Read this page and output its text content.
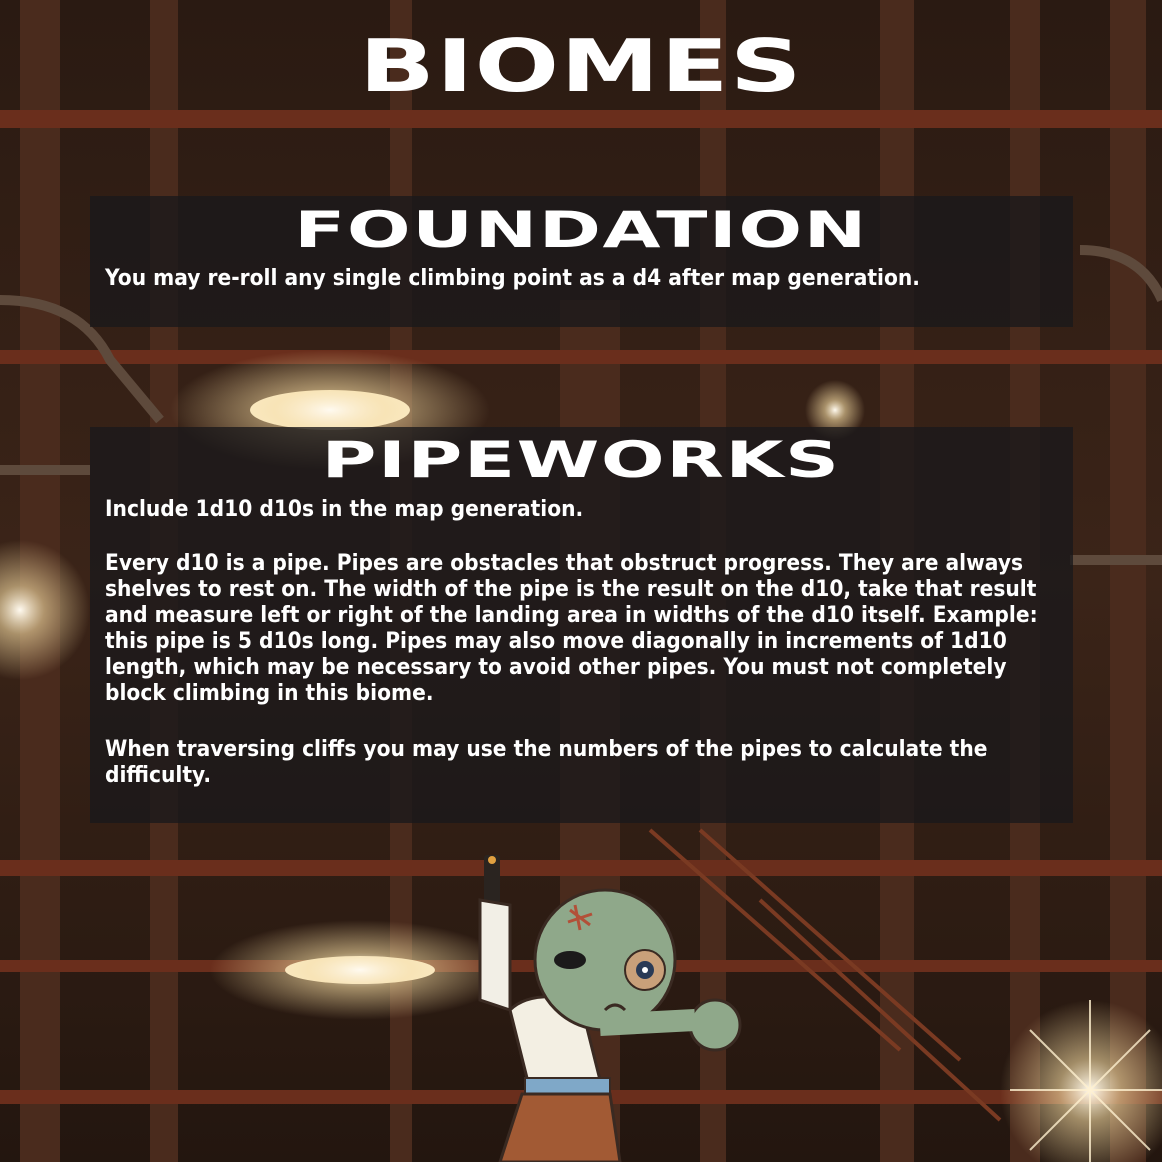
BIOMES
FOUNDATION

You may re-roll any single climbing point as a d4 after map generation.

PIPEWORKS

Include 1d10 d10s in the map generation.

Every d10 is a pipe. Pipes are obstacles that obstruct progress. They are always shelves to rest on. The width of the pipe is the result on the d10, take that result and measure left or right of the landing area in widths of the d10 itself. Example: this pipe is 5 d10s long. Pipes may also move diagonally in increments of 1d10 length, which may be necessary to avoid other pipes. You must not completely block climbing in this biome.

When traversing cliffs you may use the numbers of the pipes to calculate the difficulty.
